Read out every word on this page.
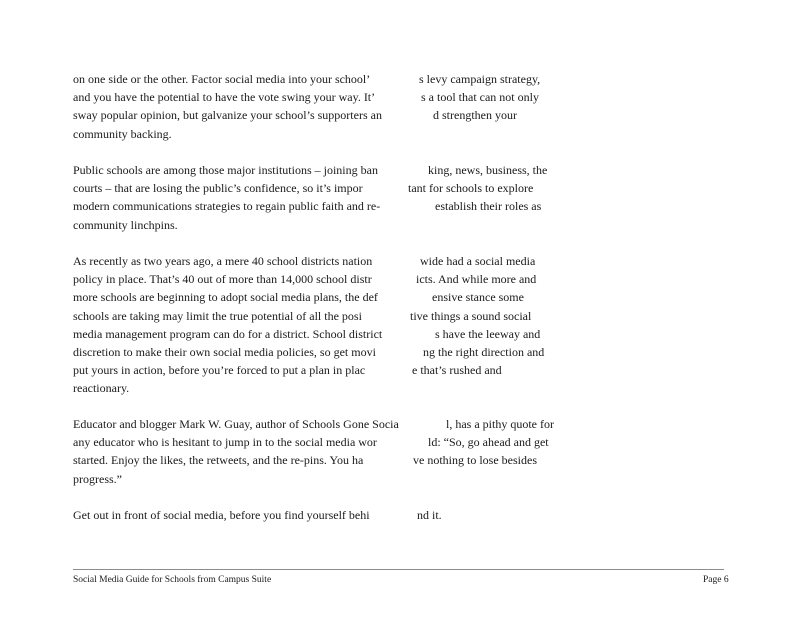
on one side or the other. Factor social media into your school’	s levy campaign strategy,
and you have the potential to have the vote swing your way. It’	s a tool that can not only
sway popular opinion, but galvanize your school’s supporters an	d strengthen your
community backing.
Public schools are among those major institutions – joining ban	king, news, business, the
courts – that are losing the public’s confidence, so it’s impor	tant for schools to explore
modern communications strategies to regain public faith and re-	establish their roles as
community linchpins.
As recently as two years ago, a mere 40 school districts nation	wide had a social media
policy in place. That’s 40 out of more than 14,000 school distr	icts. And while more and
more schools are beginning to adopt social media plans, the def	ensive stance some
schools are taking may limit the true potential of all the posi	tive things a sound social
media management program can do for a district. School district	s have the leeway and
discretion to make their own social media policies, so get movi	ng the right direction and
put yours in action, before you’re forced to put a plan in plac	e that’s rushed and
reactionary.
Educator and blogger Mark W. Guay, author of Schools Gone Socia	l, has a pithy quote for
any educator who is hesitant to jump in to the social media wor	ld: “So, go ahead and get
started. Enjoy the likes, the retweets, and the re-pins. You ha	ve nothing to lose besides
progress.”
Get out in front of social media, before you find yourself behi	nd it.
Social Media Guide for Schools from Campus Suite	Page 6
